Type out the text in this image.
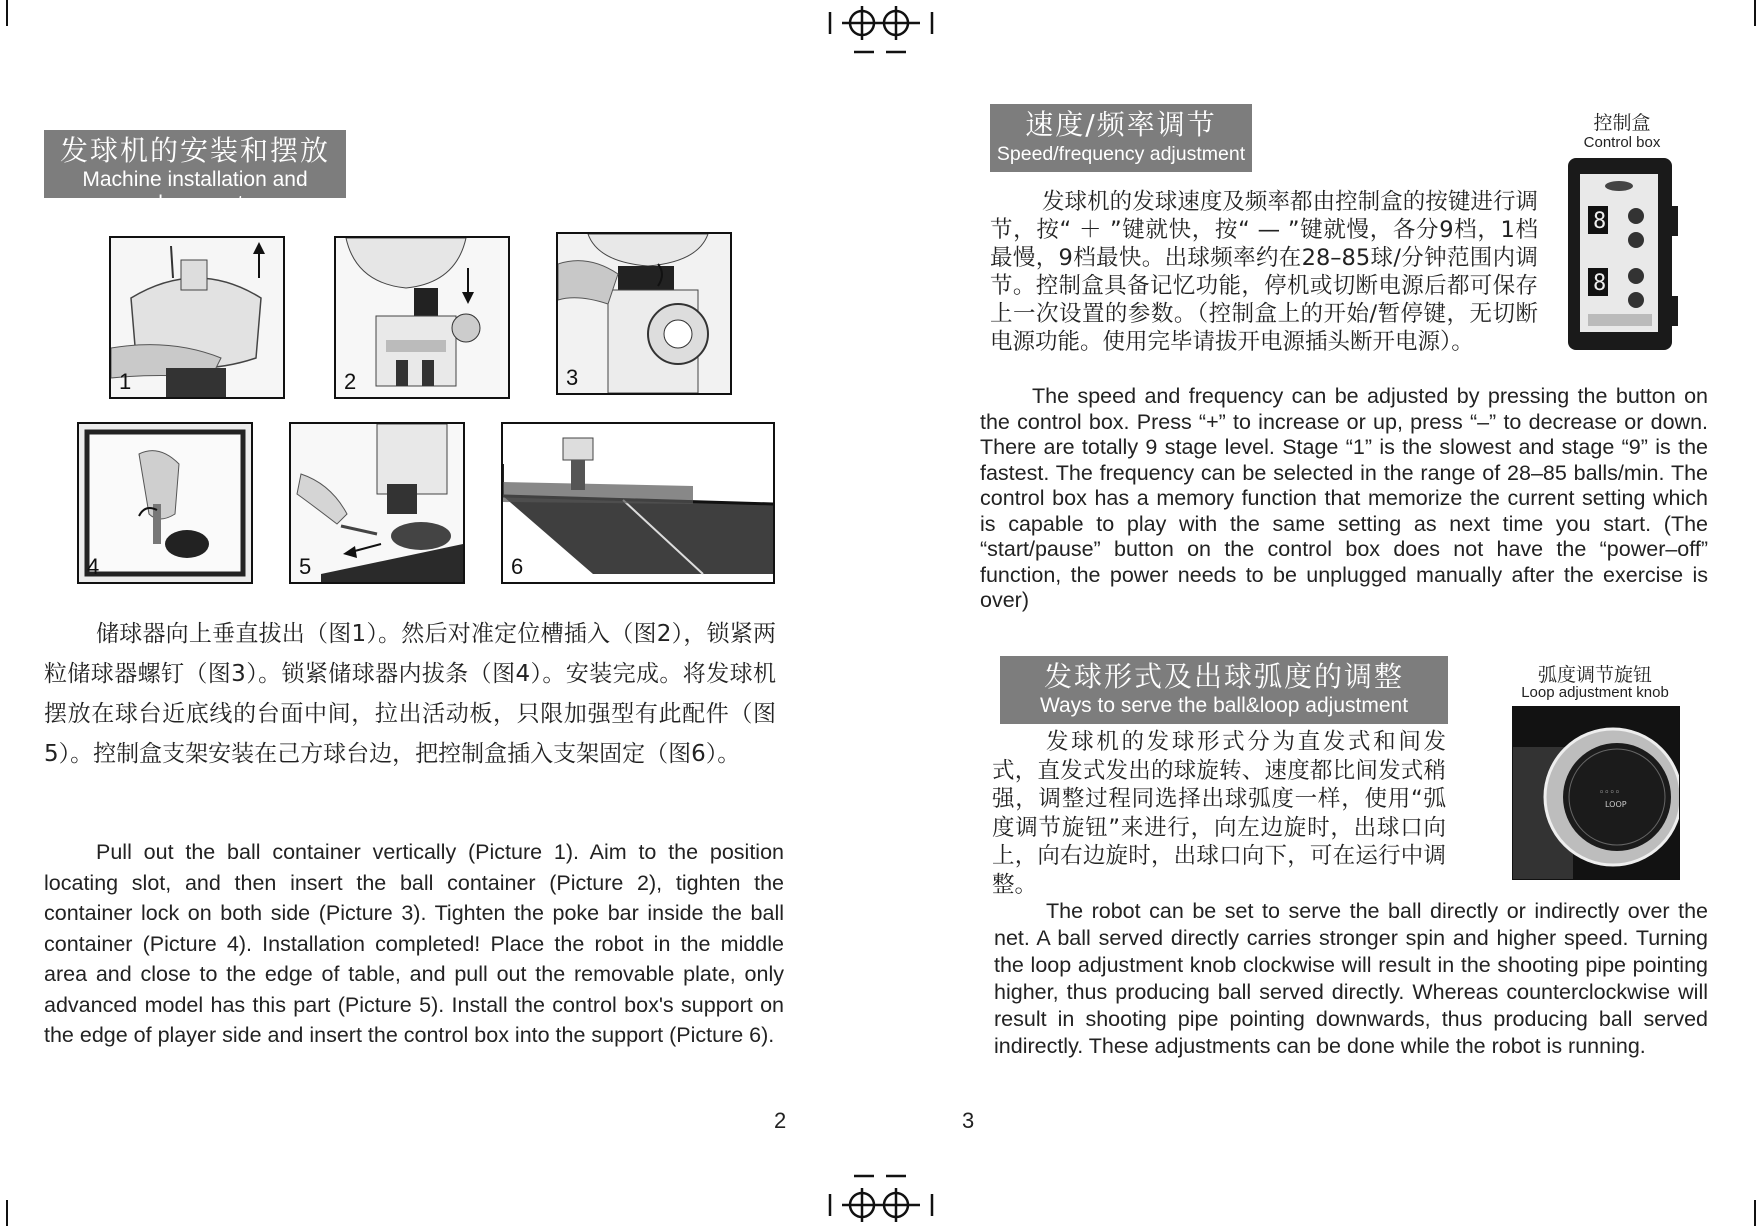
发球机的安装和摆放
Machine installation and placement
1	2	3
4	5	6
储球器向上垂直拔出（图1）。然后对准定位槽插入（图2），锁紧两粒储球器螺钉（图3）。锁紧储球器内拔条（图4）。安装完成。将发球机摆放在球台近底线的台面中间，拉出活动板，只限加强型有此配件（图5）。控制盒支架安装在己方球台边，把控制盒插入支架固定（图6）。
Pull out the ball container vertically (Picture 1). Aim to the position locating slot, and then insert the ball container (Picture 2), tighten the container lock on both side (Picture 3). Tighten the poke bar inside the ball container (Picture 4). Installation completed! Place the robot in the middle area and close to the edge of table, and pull out the removable plate, only advanced model has this part (Picture 5). Install the control box's support on the edge of player side and insert the control box into the support (Picture 6).
2
速度/频率调节
Speed/frequency adjustment
控制盒
Control box
8
8
发球机的发球速度及频率都由控制盒的按键进行调节，按“ ＋ ”键就快，按“ — ”键就慢，各分9档，1档最慢，9档最快。出球频率约在28–85球/分钟范围内调节。控制盒具备记忆功能，停机或切断电源后都可保存上一次设置的参数。（控制盒上的开始/暂停键，无切断电源功能。使用完毕请拔开电源插头断开电源）。
The speed and frequency can be adjusted by pressing the button on the control box. Press “+” to increase or up, press “–” to decrease or down. There are totally 9 stage level. Stage “1” is the slowest and stage “9” is the fastest. The frequency can be selected in the range of 28–85 balls/min. The control box has a memory function that memorize the current setting which is capable to play with the same setting as next time you start. (The “start/pause” button on the control box does not have the “power–off” function, the power needs to be unplugged manually after the exercise is over)
发球形式及出球弧度的调整
Ways to serve the ball&loop adjustment
弧度调节旋钮
Loop adjustment knob
◦◦◦◦
LOOP
发球机的发球形式分为直发式和间发式，直发式发出的球旋转、速度都比间发式稍强，调整过程同选择出球弧度一样，使用“弧度调节旋钮”来进行，向左边旋时，出球口向上，向右边旋时，出球口向下，可在运行中调整。
The robot can be set to serve the ball directly or indirectly over the net. A ball served directly carries stronger spin and higher speed. Turning the loop adjustment knob clockwise will result in the shooting pipe pointing higher, thus producing ball served directly. Whereas counterclockwise will result in shooting pipe pointing downwards, thus producing ball served indirectly. These adjustments can be done while the robot is running.
3
